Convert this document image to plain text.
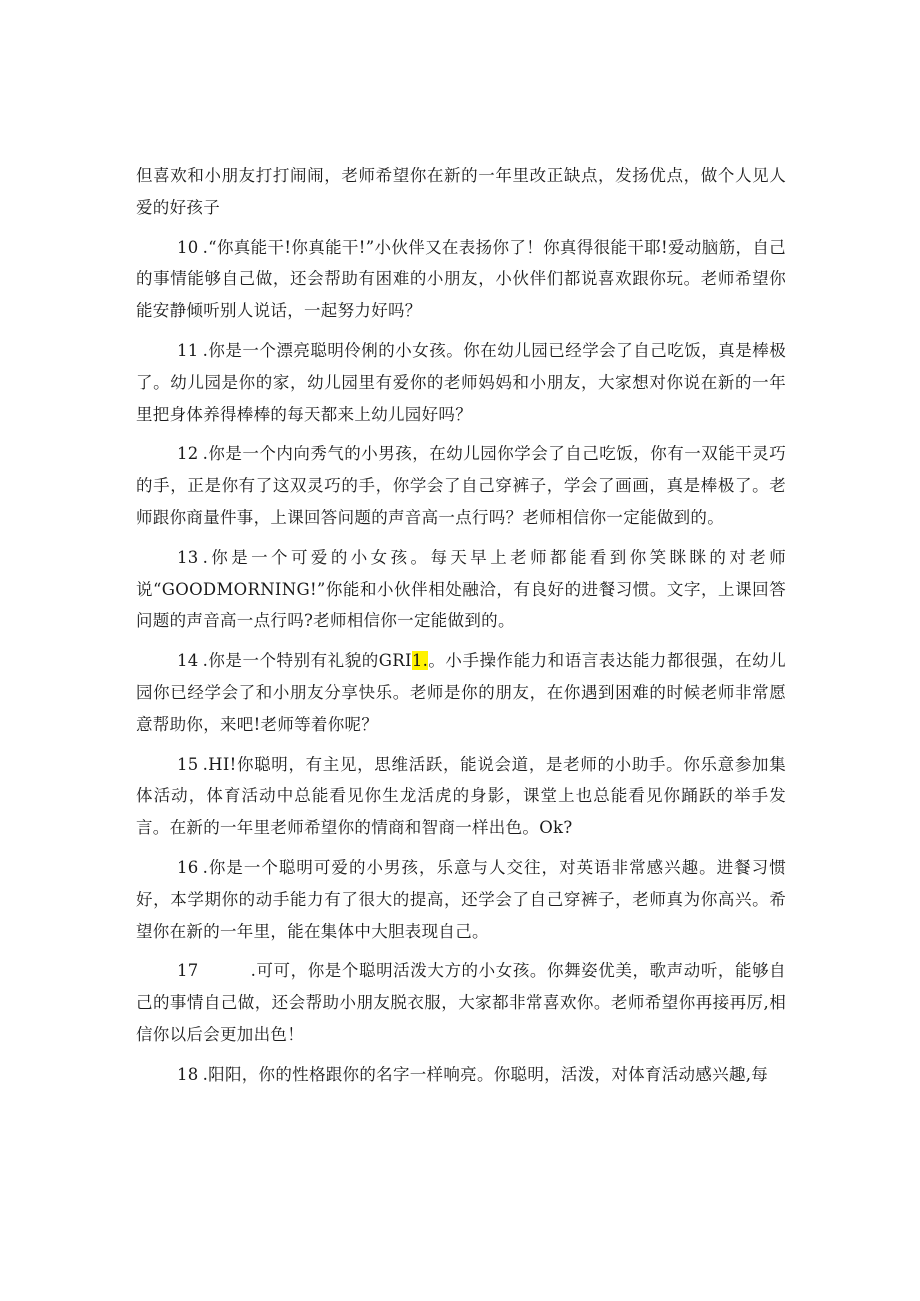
但喜欢和小朋友打打闹闹，老师希望你在新的一年里改正缺点，发扬优点，做个人见人爱的好孩子

10 .“你真能干!你真能干!”小伙伴又在表扬你了！你真得很能干耶!爱动脑筋，自己的事情能够自己做，还会帮助有困难的小朋友，小伙伴们都说喜欢跟你玩。老师希望你能安静倾听别人说话，一起努力好吗？

11 .你是一个漂亮聪明伶俐的小女孩。你在幼儿园已经学会了自己吃饭，真是棒极了。幼儿园是你的家，幼儿园里有爱你的老师妈妈和小朋友，大家想对你说在新的一年里把身体养得棒棒的每天都来上幼儿园好吗？

12 .你是一个内向秀气的小男孩，在幼儿园你学会了自己吃饭，你有一双能干灵巧的手，正是你有了这双灵巧的手，你学会了自己穿裤子，学会了画画，真是棒极了。老师跟你商量件事，上课回答问题的声音高一点行吗？老师相信你一定能做到的。

13 .你是一个可爱的小女孩。每天早上老师都能看到你笑眯眯的对老师说“GOODMORNING!”你能和小伙伴相处融洽，有良好的进餐习惯。文字，上课回答问题的声音高一点行吗?老师相信你一定能做到的。

14 .你是一个特别有礼貌的GRI1.。小手操作能力和语言表达能力都很强，在幼儿园你已经学会了和小朋友分享快乐。老师是你的朋友，在你遇到困难的时候老师非常愿意帮助你，来吧!老师等着你呢？

15 .HI!你聪明，有主见，思维活跃，能说会道，是老师的小助手。你乐意参加集体活动，体育活动中总能看见你生龙活虎的身影，课堂上也总能看见你踊跃的举手发言。在新的一年里老师希望你的情商和智商一样出色。Ok?

16 .你是一个聪明可爱的小男孩，乐意与人交往，对英语非常感兴趣。进餐习惯好，本学期你的动手能力有了很大的提高，还学会了自己穿裤子，老师真为你高兴。希望你在新的一年里，能在集体中大胆表现自己。

17	.可可，你是个聪明活泼大方的小女孩。你舞姿优美，歌声动听，能够自己的事情自己做，还会帮助小朋友脱衣服，大家都非常喜欢你。老师希望你再接再厉,相信你以后会更加出色！

18 .阳阳，你的性格跟你的名字一样响亮。你聪明，活泼，对体育活动感兴趣,每
